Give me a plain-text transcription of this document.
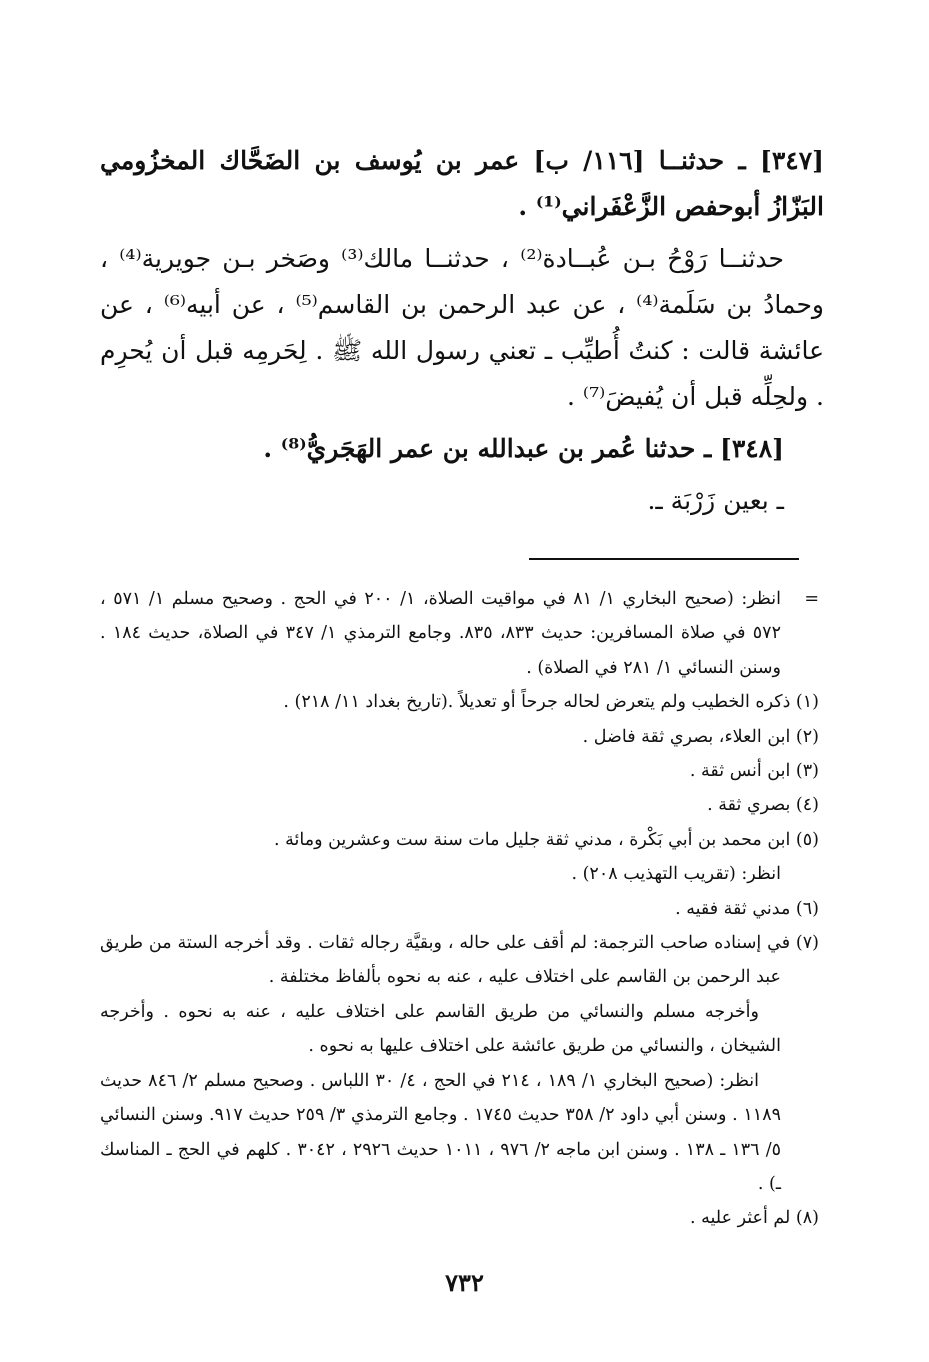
[٣٤٧] ـ حدثنــا [١١٦/ ب] عمر بن يُوسف بن الضَحَّاك المخزُومي البَزّازُ أبوحفص الزَّعْفَراني⁽¹⁾ .

حدثنــا رَوْحُ بـن عُبــادة⁽²⁾ ، حدثنــا مالك⁽³⁾ وصَخر بـن جويرية⁽⁴⁾ ، وحمادُ بن سَلَمة⁽⁴⁾ ، عن عبد الرحمن بن القاسم⁽⁵⁾ ، عن أبيه⁽⁶⁾ ، عن عائشة قالت : كنتُ أُطيِّب ـ تعني رسول الله ﷺ . لِحَرمِه قبل أن يُحرِم . ولحِلِّه قبل أن يُفيضَ⁽⁷⁾ .

[٣٤٨] ـ حدثنا عُمر بن عبدالله بن عمر الهَجَريُّ⁽⁸⁾ .

ـ بعين زَرْبَة ـ.

=انظر: (صحيح البخاري ١/ ٨١ في مواقيت الصلاة، ١/ ٢٠٠ في الحج . وصحيح مسلم ١/ ٥٧١ ، ٥٧٢ في صلاة المسافرين: حديث ٨٣٣، ٨٣٥. وجامع الترمذي ١/ ٣٤٧ في الصلاة، حديث ١٨٤ . وسنن النسائي ١/ ٢٨١ في الصلاة) .

(١) ذكره الخطيب ولم يتعرض لحاله جرحاً أو تعديلاً .(تاريخ بغداد ١١/ ٢١٨) .

(٢) ابن العلاء، بصري ثقة فاضل .

(٣) ابن أنس ثقة .

(٤) بصري ثقة .

(٥) ابن محمد بن أبي بَكْرة ، مدني ثقة جليل مات سنة ست وعشرين ومائة .

انظر: (تقريب التهذيب ٢٠٨) .

(٦) مدني ثقة فقيه .

(٧) في إسناده صاحب الترجمة: لم أقف على حاله ، وبقيَّة رجاله ثقات . وقد أخرجه الستة من طريق عبد الرحمن بن القاسم على اختلاف عليه ، عنه به نحوه بألفاظ مختلفة .

وأخرجه مسلم والنسائي من طريق القاسم على اختلاف عليه ، عنه به نحوه . وأخرجه الشيخان ، والنسائي من طريق عائشة على اختلاف عليها به نحوه .

انظر: (صحيح البخاري ١/ ١٨٩ ، ٢١٤ في الحج ، ٤/ ٣٠ اللباس . وصحيح مسلم ٢/ ٨٤٦ حديث ١١٨٩ . وسنن أبي داود ٢/ ٣٥٨ حديث ١٧٤٥ . وجامع الترمذي ٣/ ٢٥٩ حديث ٩١٧. وسنن النسائي ٥/ ١٣٦ ـ ١٣٨ . وسنن ابن ماجه ٢/ ٩٧٦ ، ١٠١١ حديث ٢٩٢٦ ، ٣٠٤٢ . كلهم في الحج ـ المناسك ـ) .

(٨) لم أعثر عليه .

٧٣٢
